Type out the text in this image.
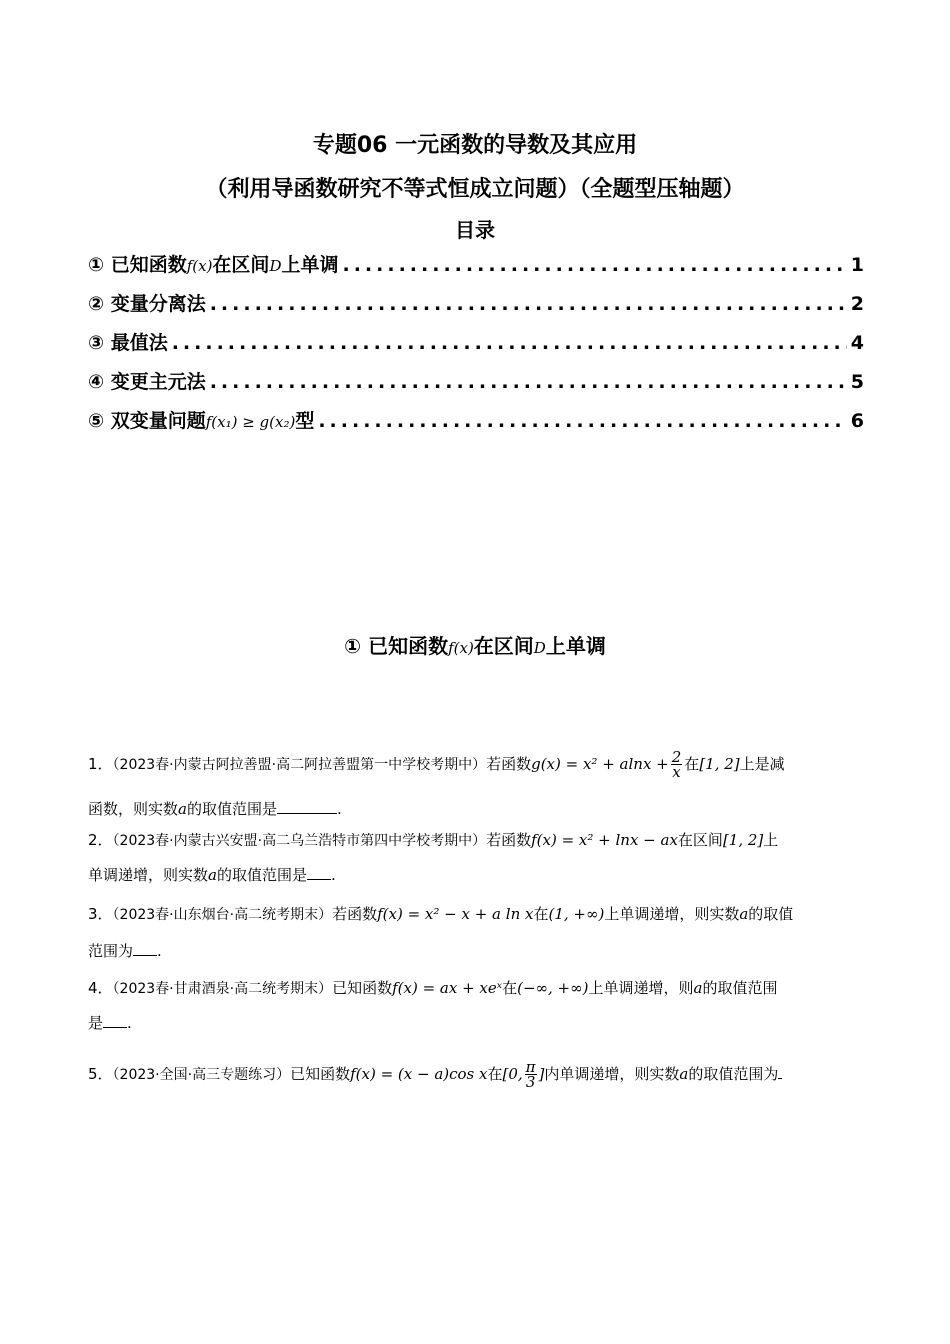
专题06 一元函数的导数及其应用
（利用导函数研究不等式恒成立问题）（全题型压轴题）
目录
① 已知函数f(x)在区间D上单调 .....	1
② 变量分离法 .....	2
③ 最值法 .....	4
④ 变更主元法 .....	5
⑤ 双变量问题f(x₁) ≥ g(x₂)型 .....	6
① 已知函数f(x)在区间D上单调
1．（2023春·内蒙古阿拉善盟·高二阿拉善盟第一中学校考期中）若函数$g(x) = x^2 + alnx + \frac{2}{x}$ 在[1, 2]上是减
函数，则实数a的取值范围是	.
2．（2023春·内蒙古兴安盟·高二乌兰浩特市第四中学校考期中）若函数f(x) = x² + lnx − ax在区间[1, 2]上
单调递增，则实数a的取值范围是 .
3．（2023春·山东烟台·高二统考期末）若函数f(x) = x² − x + a ln x在(1, +∞)上单调递增，则实数a的取值
范围为 .
4．（2023春·甘肃酒泉·高二统考期末）已知函数f(x) = ax + xeˣ在(−∞, +∞)上单调递增，则a的取值范围
是 .
5．（2023·全国·高三专题练习）已知函数f(x) = (x − a)cos x在[0, $\frac{\pi}{3}$ ]内单调递增，则实数a的取值范围为
